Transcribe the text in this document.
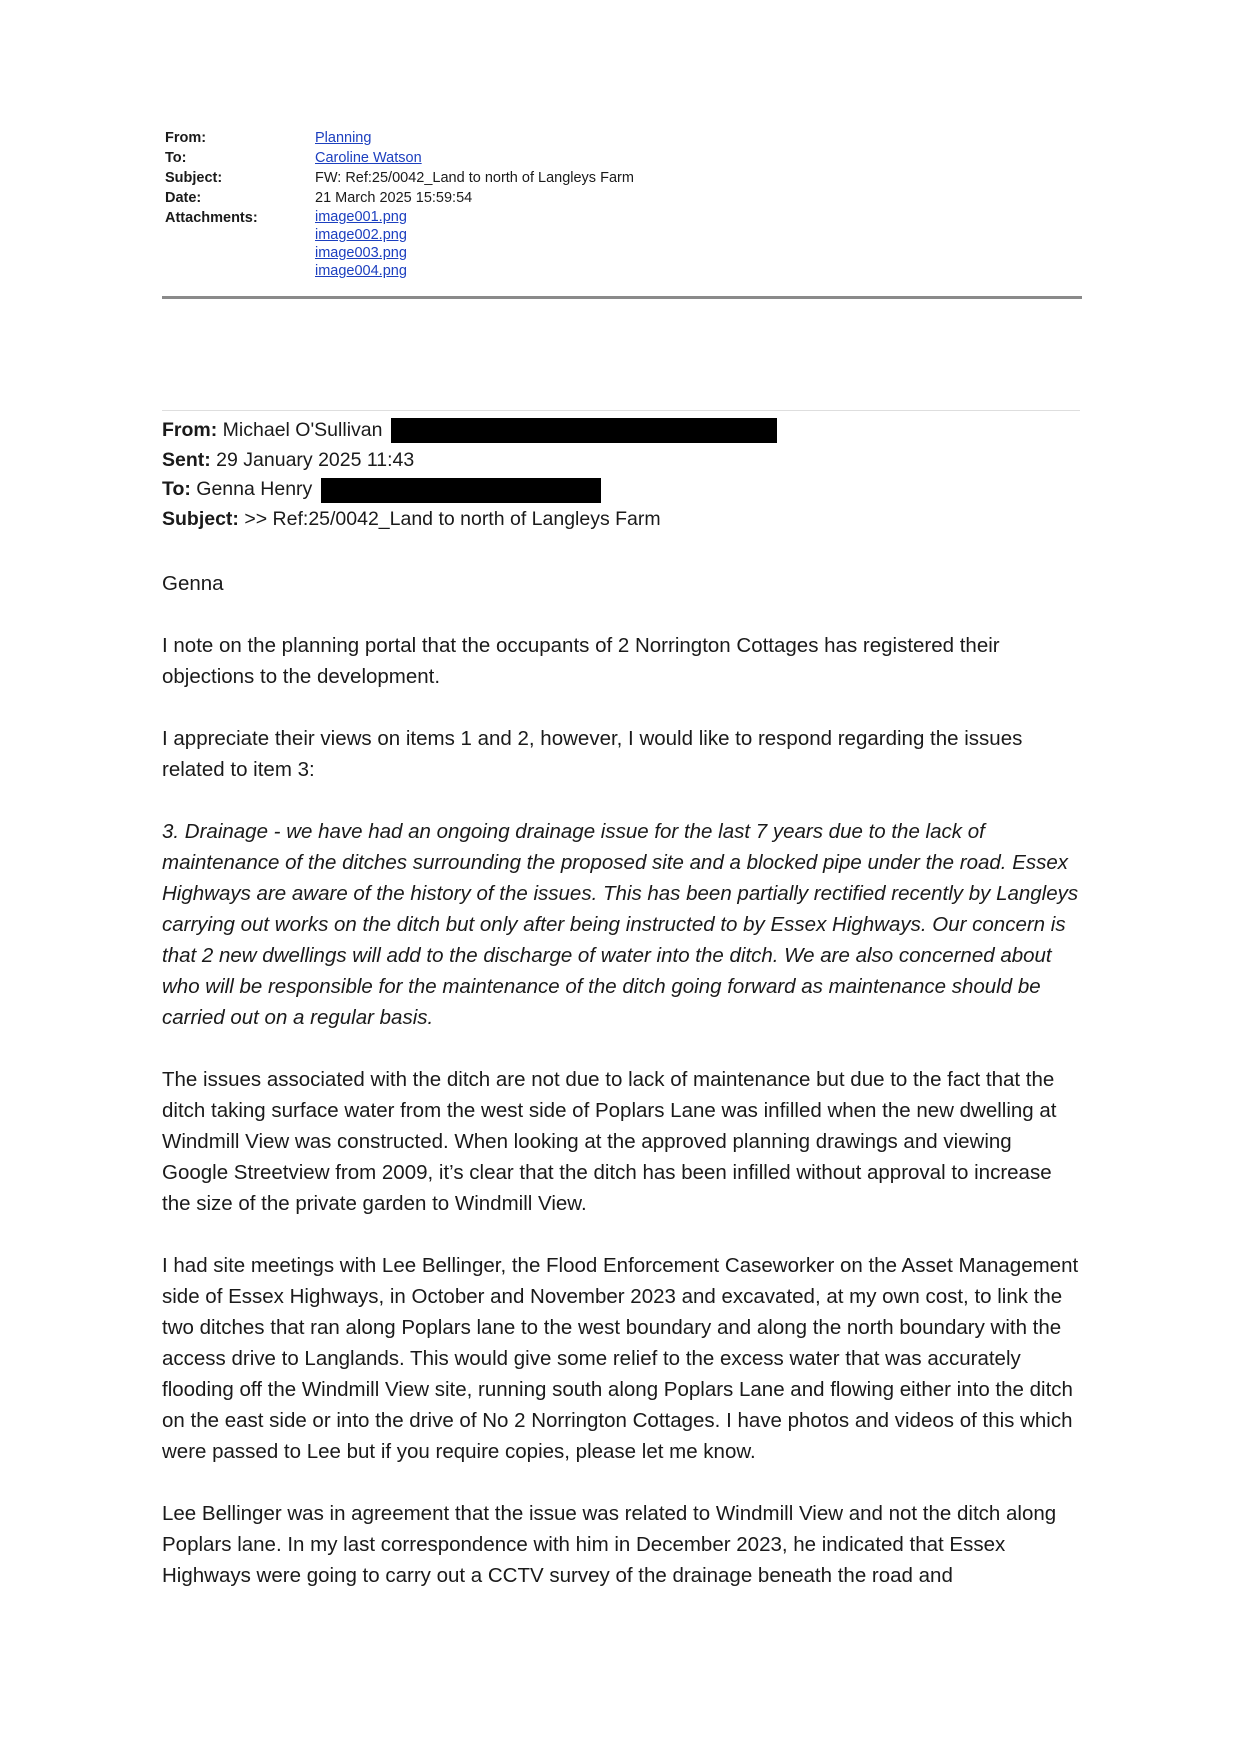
From:	Planning
To:	Caroline Watson
Subject:	FW: Ref:25/0042_Land to north of Langleys Farm
Date:	21 March 2025 15:59:54
Attachments:	image001.png
image002.png
image003.png
image004.png
From: Michael O'Sullivan
Sent: 29 January 2025 11:43
To: Genna Henry
Subject: >> Ref:25/0042_Land to north of Langleys Farm

Genna

I note on the planning portal that the occupants of 2 Norrington Cottages has registered their objections to the development.

I appreciate their views on items 1 and 2, however, I would like to respond regarding the issues related to item 3:

3. Drainage - we have had an ongoing drainage issue for the last 7 years due to the lack of maintenance of the ditches surrounding the proposed site and a blocked pipe under the road. Essex Highways are aware of the history of the issues. This has been partially rectified recently by Langleys carrying out works on the ditch but only after being instructed to by Essex Highways. Our concern is that 2 new dwellings will add to the discharge of water into the ditch. We are also concerned about who will be responsible for the maintenance of the ditch going forward as maintenance should be carried out on a regular basis.

The issues associated with the ditch are not due to lack of maintenance but due to the fact that the ditch taking surface water from the west side of Poplars Lane was infilled when the new dwelling at Windmill View was constructed. When looking at the approved planning drawings and viewing Google Streetview from 2009, it’s clear that the ditch has been infilled without approval to increase the size of the private garden to Windmill View.

I had site meetings with Lee Bellinger, the Flood Enforcement Caseworker on the Asset Management side of Essex Highways, in October and November 2023 and excavated, at my own cost, to link the two ditches that ran along Poplars lane to the west boundary and along the north boundary with the access drive to Langlands. This would give some relief to the excess water that was accurately flooding off the Windmill View site, running south along Poplars Lane and flowing either into the ditch on the east side or into the drive of No 2 Norrington Cottages. I have photos and videos of this which were passed to Lee but if you require copies, please let me know.

Lee Bellinger was in agreement that the issue was related to Windmill View and not the ditch along Poplars lane. In my last correspondence with him in December 2023, he indicated that Essex Highways were going to carry out a CCTV survey of the drainage beneath the road and
